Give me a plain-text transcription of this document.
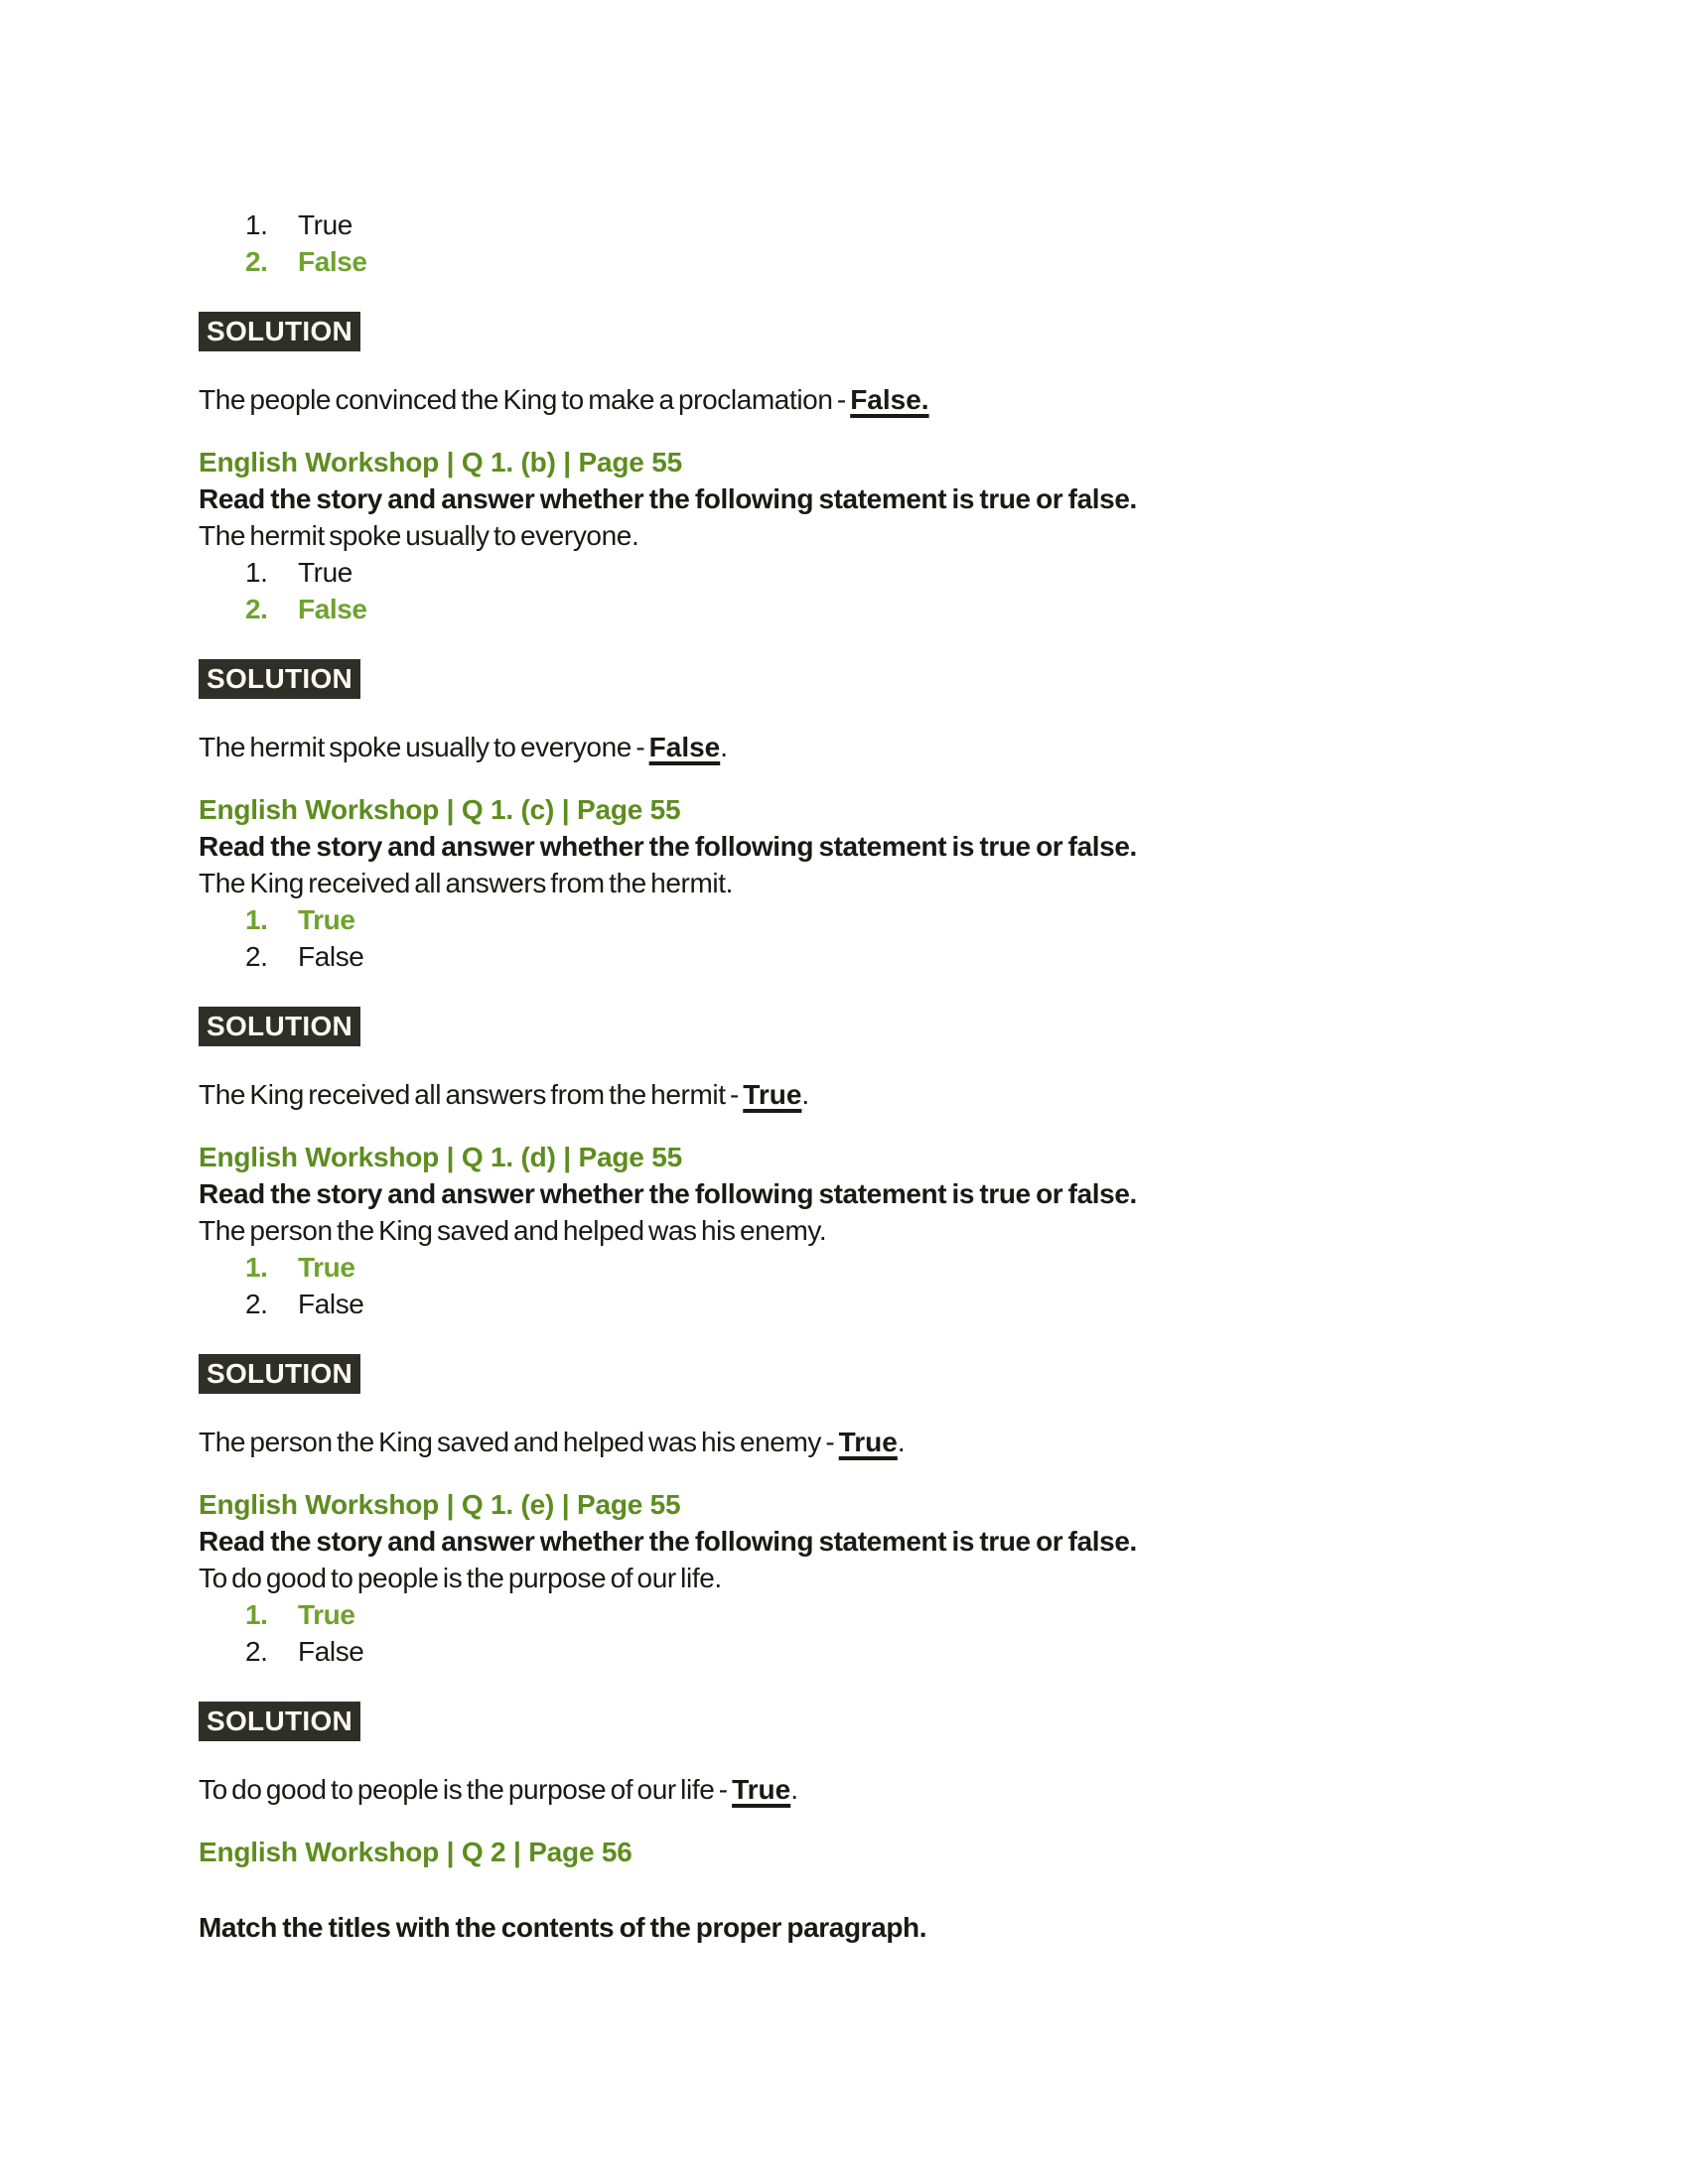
1. True
2. False
SOLUTION

The people convinced the King to make a proclamation - False.

English Workshop | Q 1. (b) | Page 55

Read the story and answer whether the following statement is true or false.

The hermit spoke usually to everyone.

1. True
2. False
SOLUTION

The hermit spoke usually to everyone - False.

English Workshop | Q 1. (c) | Page 55

Read the story and answer whether the following statement is true or false.

The King received all answers from the hermit.

1. True
2. False
SOLUTION

The King received all answers from the hermit - True.

English Workshop | Q 1. (d) | Page 55

Read the story and answer whether the following statement is true or false.

The person the King saved and helped was his enemy.

1. True
2. False
SOLUTION

The person the King saved and helped was his enemy - True.

English Workshop | Q 1. (e) | Page 55

Read the story and answer whether the following statement is true or false.

To do good to people is the purpose of our life.

1. True
2. False
SOLUTION

To do good to people is the purpose of our life - True.

English Workshop | Q 2 | Page 56

Match the titles with the contents of the proper paragraph.
